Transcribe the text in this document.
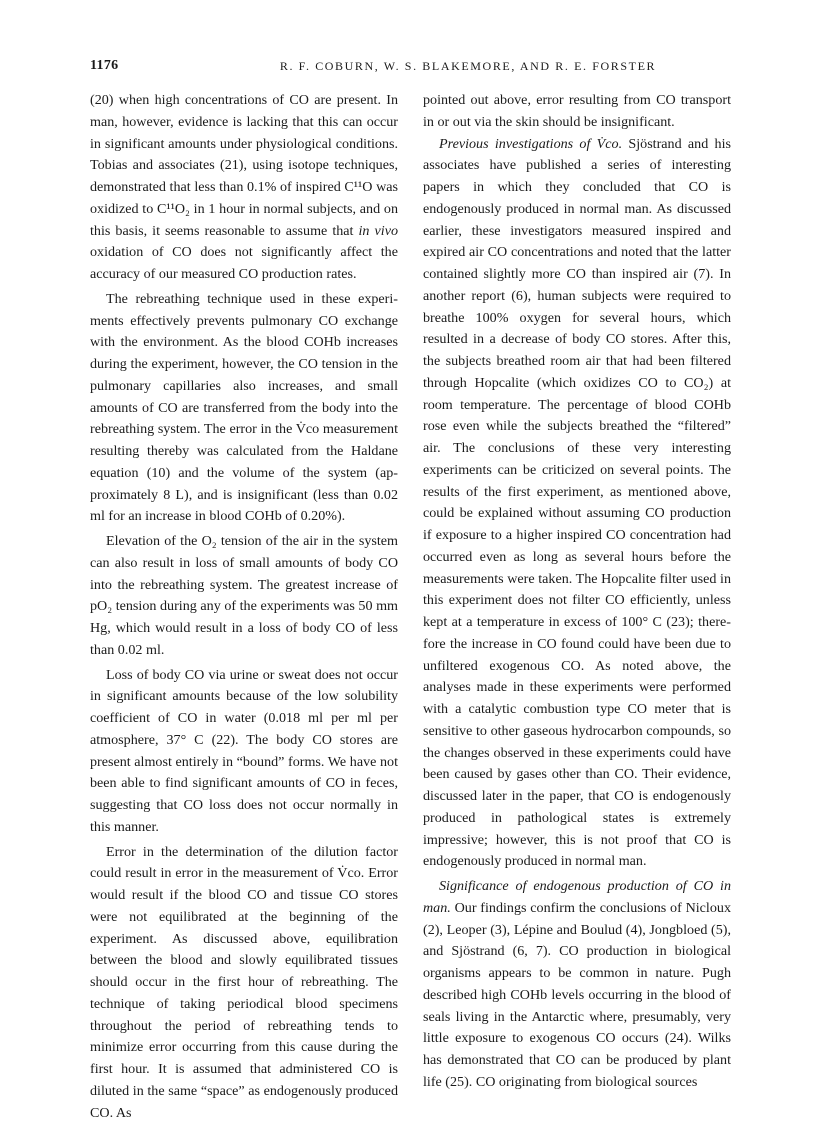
1176	R. F. COBURN, W. S. BLAKEMORE, AND R. E. FORSTER

(20) when high concentrations of CO are present. In man, however, evidence is lacking that this can occur in significant amounts under physiological conditions. Tobias and associates (21), using isotope techniques, demonstrated that less than 0.1% of inspired C¹¹O was oxidized to C¹¹O₂ in 1 hour in normal subjects, and on this basis, it seems reasonable to assume that in vivo oxidation of CO does not significantly affect the accuracy of our measured CO production rates.

The rebreathing technique used in these experiments effectively prevents pulmonary CO exchange with the environment. As the blood COHb increases during the experiment, however, the CO tension in the pulmonary capillaries also increases, and small amounts of CO are transferred from the body into the rebreathing system. The error in the V̇co measurement resulting thereby was calculated from the Haldane equation (10) and the volume of the system (approximately 8 L), and is insignificant (less than 0.02 ml for an increase in blood COHb of 0.20%).

Elevation of the O₂ tension of the air in the system can also result in loss of small amounts of body CO into the rebreathing system. The greatest increase of pO₂ tension during any of the experiments was 50 mm Hg, which would result in a loss of body CO of less than 0.02 ml.

Loss of body CO via urine or sweat does not occur in significant amounts because of the low solubility coefficient of CO in water (0.018 ml per ml per atmosphere, 37° C (22). The body CO stores are present almost entirely in “bound” forms. We have not been able to find significant amounts of CO in feces, suggesting that CO loss does not occur normally in this manner.

Error in the determination of the dilution factor could result in error in the measurement of V̇co. Error would result if the blood CO and tissue CO stores were not equilibrated at the beginning of the experiment. As discussed above, equilibration between the blood and slowly equilibrated tissues should occur in the first hour of rebreathing. The technique of taking periodical blood specimens throughout the period of rebreathing tends to minimize error occurring from this cause during the first hour. It is assumed that administered CO is diluted in the same “space” as endogenously produced CO. As

pointed out above, error resulting from CO transport in or out via the skin should be insignificant.

Previous investigations of V̇co. Sjöstrand and his associates have published a series of interesting papers in which they concluded that CO is endogenously produced in normal man. As discussed earlier, these investigators measured inspired and expired air CO concentrations and noted that the latter contained slightly more CO than inspired air (7). In another report (6), human subjects were required to breathe 100% oxygen for several hours, which resulted in a decrease of body CO stores. After this, the subjects breathed room air that had been filtered through Hopcalite (which oxidizes CO to CO₂) at room temperature. The percentage of blood COHb rose even while the subjects breathed the “filtered” air. The conclusions of these very interesting experiments can be criticized on several points. The results of the first experiment, as mentioned above, could be explained without assuming CO production if exposure to a higher inspired CO concentration had occurred even as long as several hours before the measurements were taken. The Hopcalite filter used in this experiment does not filter CO efficiently, unless kept at a temperature in excess of 100° C (23); therefore the increase in CO found could have been due to unfiltered exogenous CO. As noted above, the analyses made in these experiments were performed with a catalytic combustion type CO meter that is sensitive to other gaseous hydrocarbon compounds, so the changes observed in these experiments could have been caused by gases other than CO. Their evidence, discussed later in the paper, that CO is endogenously produced in pathological states is extremely impressive; however, this is not proof that CO is endogenously produced in normal man.

Significance of endogenous production of CO in man. Our findings confirm the conclusions of Nicloux (2), Leoper (3), Lépine and Boulud (4), Jongbloed (5), and Sjöstrand (6, 7). CO production in biological organisms appears to be common in nature. Pugh described high COHb levels occurring in the blood of seals living in the Antarctic where, presumably, very little exposure to exogenous CO occurs (24). Wilks has demonstrated that CO can be produced by plant life (25). CO originating from biological sources
